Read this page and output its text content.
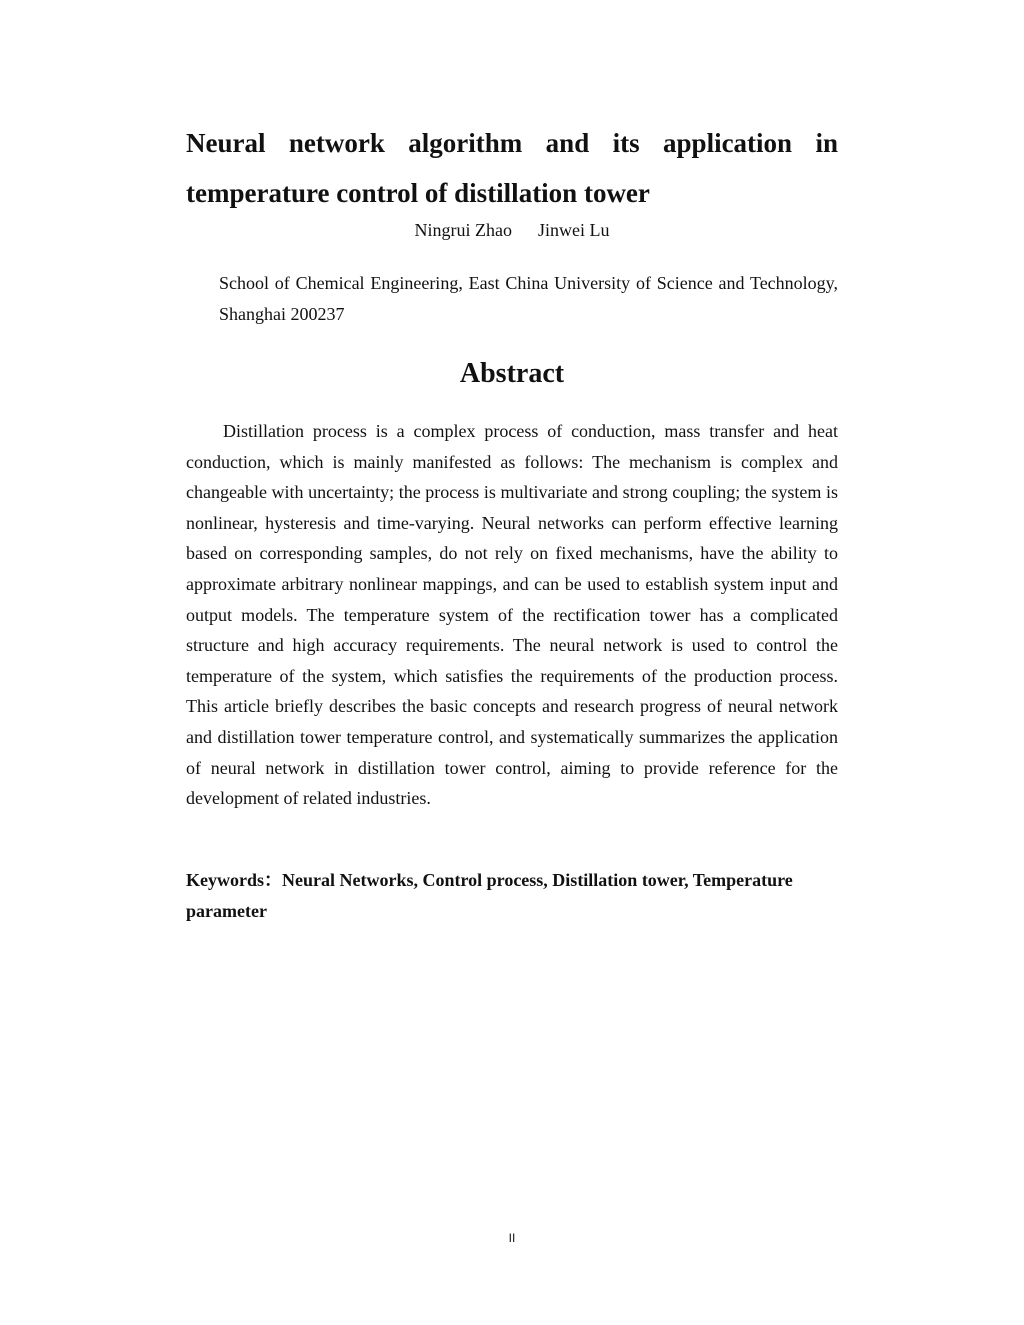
Neural network algorithm and its application in temperature control of distillation tower
Ningrui Zhao Jinwei Lu

School of Chemical Engineering, East China University of Science and Technology, Shanghai 200237

Abstract

Distillation process is a complex process of conduction, mass transfer and heat conduction, which is mainly manifested as follows: The mechanism is complex and changeable with uncertainty; the process is multivariate and strong coupling; the system is nonlinear, hysteresis and time-varying. Neural networks can perform effective learning based on corresponding samples, do not rely on fixed mechanisms, have the ability to approximate arbitrary nonlinear mappings, and can be used to establish system input and output models. The temperature system of the rectification tower has a complicated structure and high accuracy requirements. The neural network is used to control the temperature of the system, which satisfies the requirements of the production process. This article briefly describes the basic concepts and research progress of neural network and distillation tower temperature control, and systematically summarizes the application of neural network in distillation tower control, aiming to provide reference for the development of related industries.

Keywords：Neural Networks, Control process, Distillation tower, Temperature parameter

II
